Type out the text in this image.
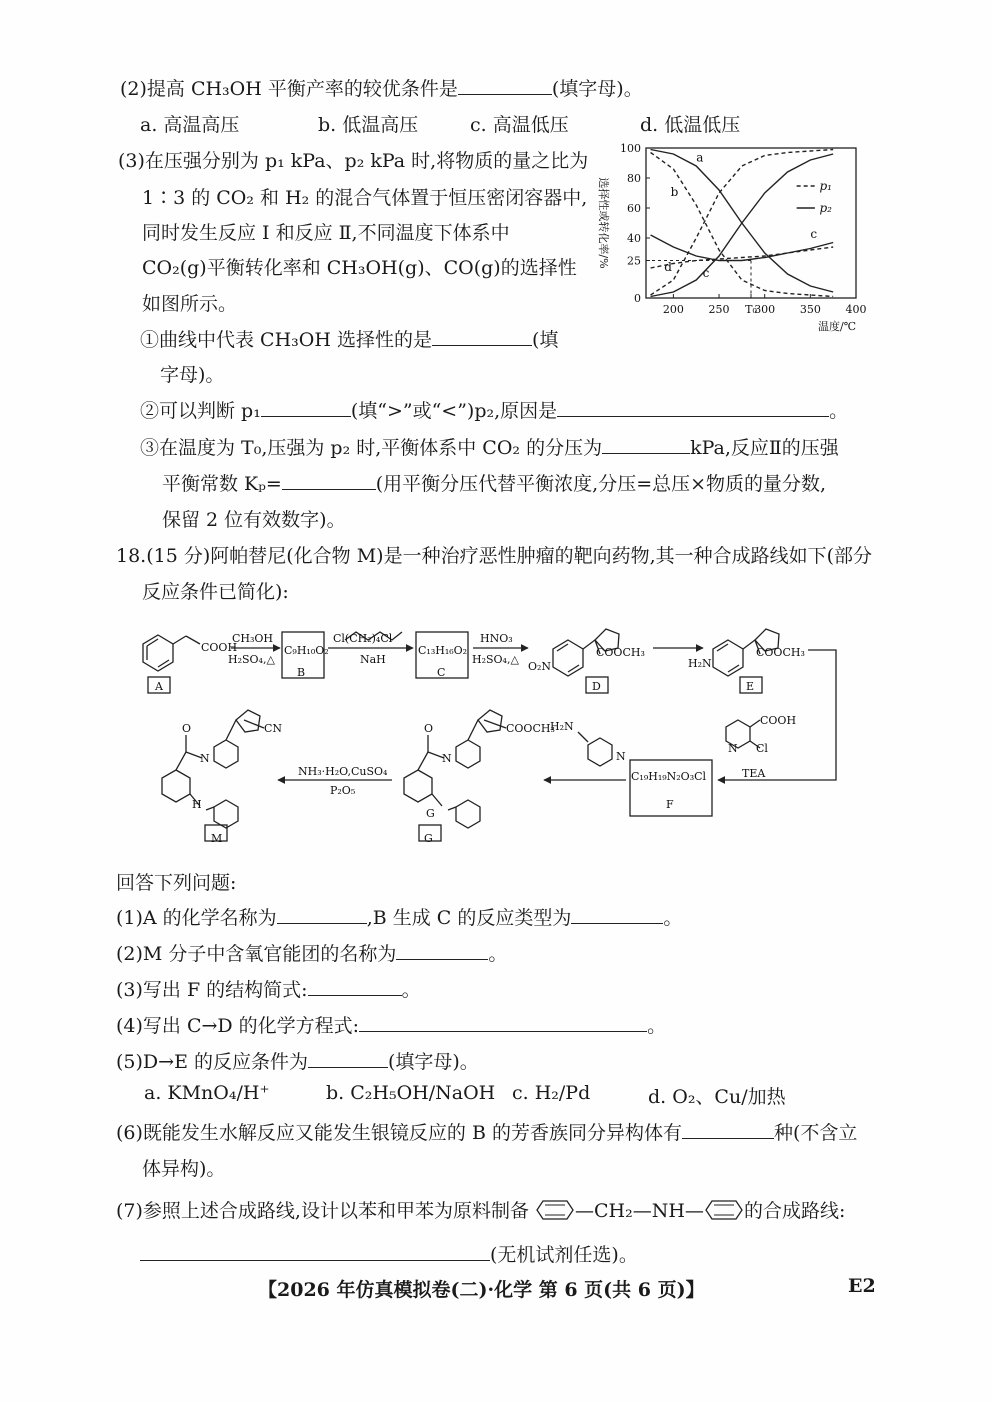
(2)提高 CH₃OH 平衡产率的较优条件是	(填字母)。
a. 高温高压	b. 低温高压	c. 高温低压	d. 低温低压
(3)在压强分别为 p₁ kPa、p₂ kPa 时,将物质的量之比为
1∶3 的 CO₂ 和 H₂ 的混合气体置于恒压密闭容器中,
同时发生反应 Ⅰ 和反应 Ⅱ,不同温度下体系中
CO₂(g)平衡转化率和 CH₃OH(g)、CO(g)的选择性
如图所示。	0
25
40
60
80
100
200 250 T₀
300 350 400
a
b
c
d	c
p₁
p₂
选择性或转化率/%
温度/℃
①曲线中代表 CH₃OH 选择性的是	(填
字母)。
②可以判断 p₁	(填“>”或“<”)p₂,原因是	。
③在温度为 T₀,压强为 p₂ 时,平衡体系中 CO₂ 的分压为	kPa,反应Ⅱ的压强
平衡常数 Kₚ=	(用平衡分压代替平衡浓度,分压=总压×物质的量分数,
保留 2 位有效数字)。
18.(15 分)阿帕替尼(化合物 M)是一种治疗恶性肿瘤的靶向药物,其一种合成路线如下(部分
反应条件已简化):
COOH
CH₃OH
H₂SO₄,△
A
C₉H₁₀O₂
B
Cl(CH₂)₄Cl
NaH
C₁₃H₁₆O₂
C
HNO₃
H₂SO₄,△
O₂N
COOCH₃
D
H₂N
COOCH₃
E
COOH
Cl
N
TEA
C₁₉H₁₉N₂O₃Cl
F
H₂N
N
COOCH₃
O
N
G
G
NH₃·H₂O,CuSO₄
P₂O₅
CN
O
N
H
M
回答下列问题:
(1)A 的化学名称为	,B 生成 C 的反应类型为	。
(2)M 分子中含氧官能团的名称为	。
(3)写出 F 的结构简式:	。
(4)写出 C→D 的化学方程式:	。
(5)D→E 的反应条件为	(填字母)。
a. KMnO₄/H⁺	b. C₂H₅OH/NaOH c. H₂/Pd	d. O₂、Cu/加热
(6)既能发生水解反应又能发生银镜反应的 B 的芳香族同分异构体有	种(不含立
体异构)。
(7)参照上述合成路线,设计以苯和甲苯为原料制备 —CH₂—NH— 的合成路线:
(无机试剂任选)。
【2026 年仿真模拟卷(二)·化学 第 6 页(共 6 页)】	E2
